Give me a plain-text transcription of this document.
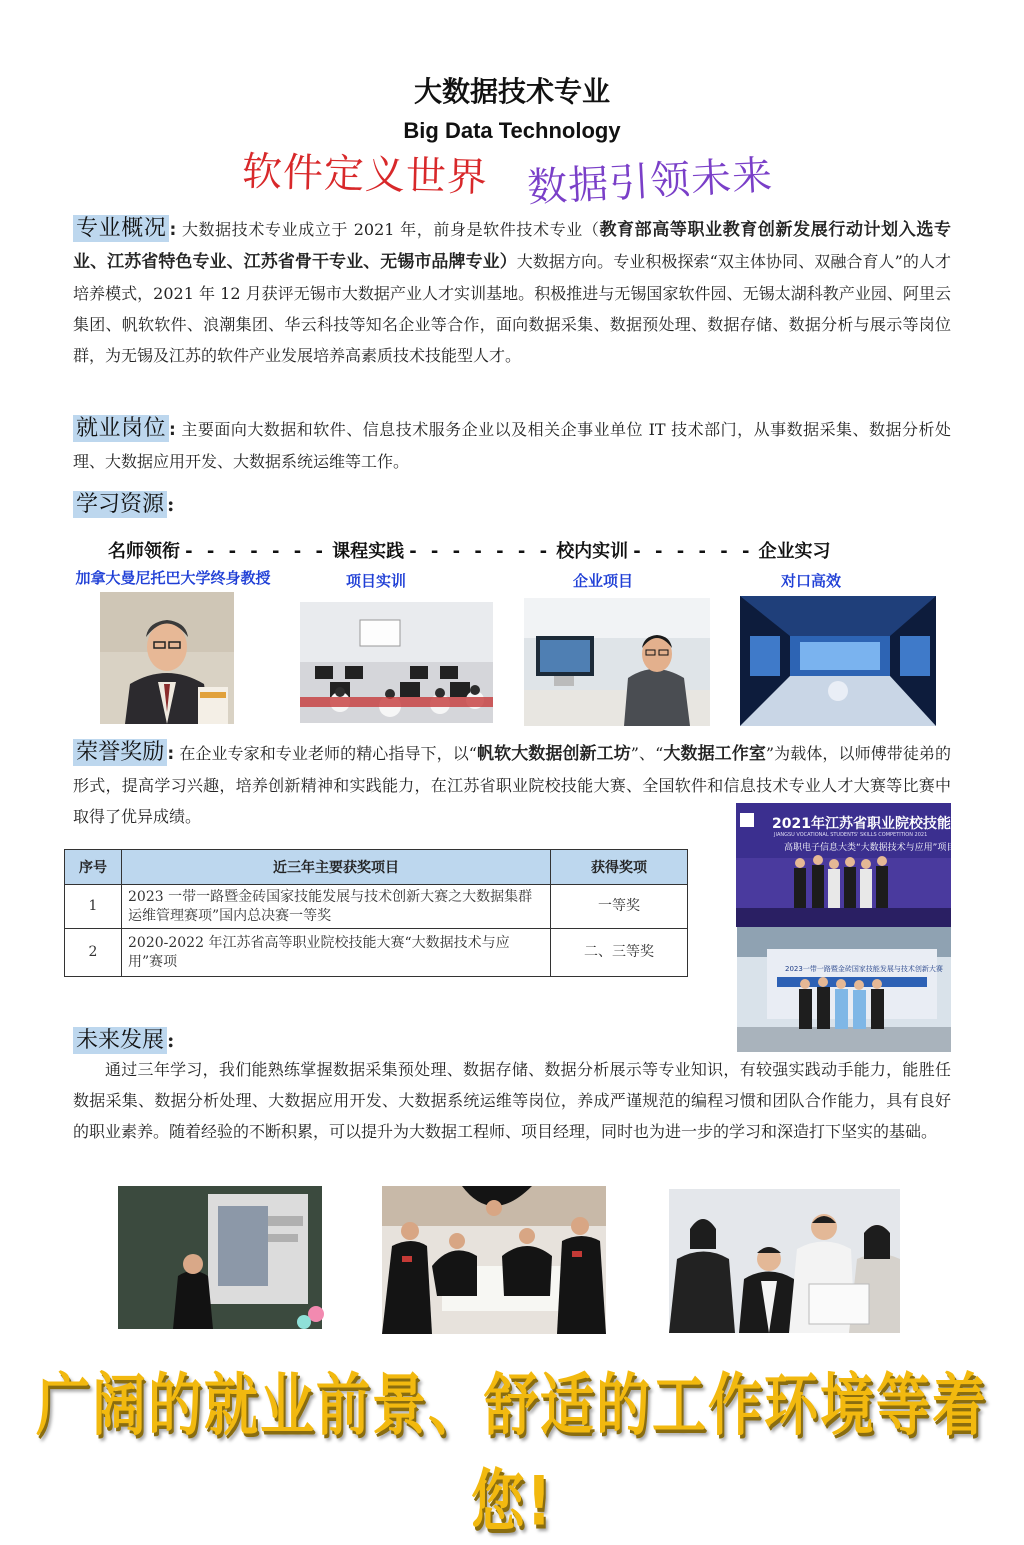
大数据技术专业
Big Data Technology
软件定义世界 数据引领未来
专业概况 : 大数据技术专业成立于 2021 年，前身是软件技术专业（教育部高等职业教育创新发展行动计划入选专业、江苏省特色专业、江苏省骨干专业、无锡市品牌专业）大数据方向。专业积极探索“双主体协同、双融合育人”的人才培养模式，2021 年 12 月获评无锡市大数据产业人才实训基地。积极推进与无锡国家软件园、无锡太湖科教产业园、阿里云集团、帆软软件、浪潮集团、华云科技等知名企业等合作，面向数据采集、数据预处理、数据存储、数据分析与展示等岗位群，为无锡及江苏的软件产业发展培养高素质技术技能型人才。
就业岗位 : 主要面向大数据和软件、信息技术服务企业以及相关企事业单位 IT 技术部门，从事数据采集、数据分析处理、大数据应用开发、大数据系统运维等工作。
学习资源 :
名师领衔 - - - - - - - 课程实践 - - - - - - - 校内实训 - - - - - - 企业实习
加拿大曼尼托巴大学终身教授	项目实训	企业项目	对口高效
荣誉奖励 : 在企业专家和专业老师的精心指导下，以“帆软大数据创新工坊”、“大数据工作室”为载体，以师傅带徒弟的形式，提高学习兴趣，培养创新精神和实践能力，在江苏省职业院校技能大赛、全国软件和信息技术专业人才大赛等比赛中取得了优异成绩。	2021年江苏省职业院校技能大赛
JIANGSU VOCATIONAL STUDENTS' SKILLS COMPETITION 2021
高职电子信息大类“大数据技术与应用”项目
2023一带一路暨金砖国家技能发展与技术创新大赛
序号	近三年主要获奖项目	获得奖项
1	2023 一带一路暨金砖国家技能发展与技术创新大赛之大数据集群运维管理赛项”国内总决赛一等奖	一等奖
2	2020-2022 年江苏省高等职业院校技能大赛“大数据技术与应用”赛项	二、三等奖
未来发展 :
通过三年学习，我们能熟练掌握数据采集预处理、数据存储、数据分析展示等专业知识，有较强实践动手能力，能胜任数据采集、数据分析处理、大数据应用开发、大数据系统运维等岗位，养成严谨规范的编程习惯和团队合作能力，具有良好的职业素养。随着经验的不断积累，可以提升为大数据工程师、项目经理，同时也为进一步的学习和深造打下坚实的基础。
广阔的就业前景、舒适的工作环境等着您!
